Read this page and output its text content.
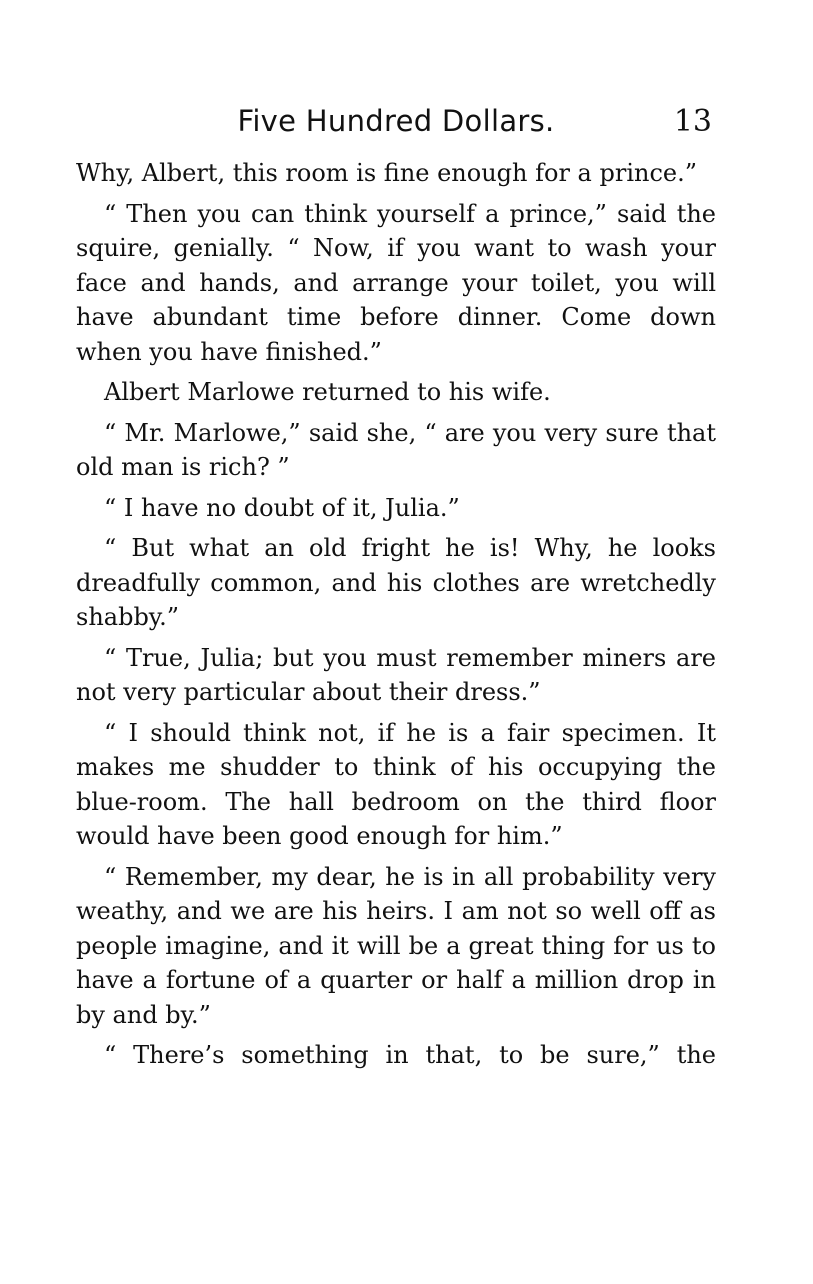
Five Hundred Dollars.	13

Why, Albert, this room is fine enough for a prince.”

“ Then you can think yourself a prince,” said the squire, genially. “ Now, if you want to wash your face and hands, and arrange your toilet, you will have abundant time before dinner. Come down when you have finished.”

Albert Marlowe returned to his wife.

“ Mr. Marlowe,” said she, “ are you very sure that old man is rich? ”

“ I have no doubt of it, Julia.”

“ But what an old fright he is! Why, he looks dreadfully common, and his clothes are wretchedly shabby.”

“ True, Julia; but you must remember miners are not very particular about their dress.”

“ I should think not, if he is a fair specimen. It makes me shudder to think of his occupying the blue-room. The hall bedroom on the third floor would have been good enough for him.”

“ Remember, my dear, he is in all probability very weathy, and we are his heirs. I am not so well off as people imagine, and it will be a great thing for us to have a fortune of a quarter or half a million drop in by and by.”

“ There’s something in that, to be sure,” the
